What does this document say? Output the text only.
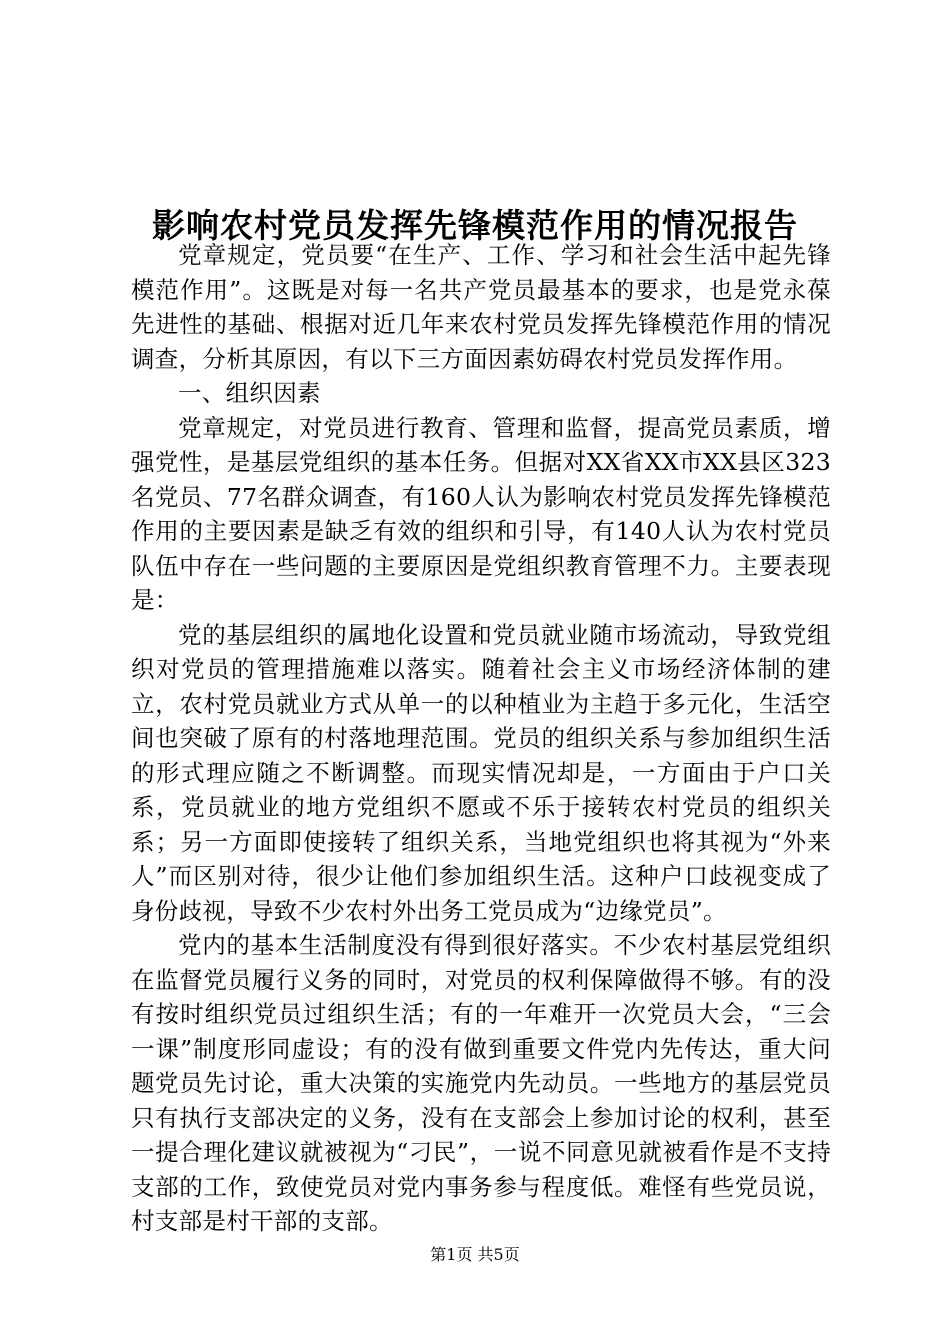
影响农村党员发挥先锋模范作用的情况报告

党章规定，党员要“在生产、工作、学习和社会生活中起先锋模范作用”。这既是对每一名共产党员最基本的要求，也是党永葆先进性的基础、根据对近几年来农村党员发挥先锋模范作用的情况调查，分析其原因，有以下三方面因素妨碍农村党员发挥作用。

一、组织因素

党章规定，对党员进行教育、管理和监督，提高党员素质，增强党性，是基层党组织的基本任务。但据对XX省XX市XX县区323名党员、77名群众调查，有160人认为影响农村党员发挥先锋模范作用的主要因素是缺乏有效的组织和引导，有140人认为农村党员队伍中存在一些问题的主要原因是党组织教育管理不力。主要表现是：

党的基层组织的属地化设置和党员就业随市场流动，导致党组织对党员的管理措施难以落实。随着社会主义市场经济体制的建立，农村党员就业方式从单一的以种植业为主趋于多元化，生活空间也突破了原有的村落地理范围。党员的组织关系与参加组织生活的形式理应随之不断调整。而现实情况却是，一方面由于户口关系，党员就业的地方党组织不愿或不乐于接转农村党员的组织关系；另一方面即使接转了组织关系，当地党组织也将其视为“外来人”而区别对待，很少让他们参加组织生活。这种户口歧视变成了身份歧视，导致不少农村外出务工党员成为“边缘党员”。

党内的基本生活制度没有得到很好落实。不少农村基层党组织在监督党员履行义务的同时，对党员的权利保障做得不够。有的没有按时组织党员过组织生活；有的一年难开一次党员大会，“三会一课”制度形同虚设；有的没有做到重要文件党内先传达，重大问题党员先讨论，重大决策的实施党内先动员。一些地方的基层党员只有执行支部决定的义务，没有在支部会上参加讨论的权利，甚至一提合理化建议就被视为“刁民”，一说不同意见就被看作是不支持支部的工作，致使党员对党内事务参与程度低。难怪有些党员说，村支部是村干部的支部。

第1页 共5页
